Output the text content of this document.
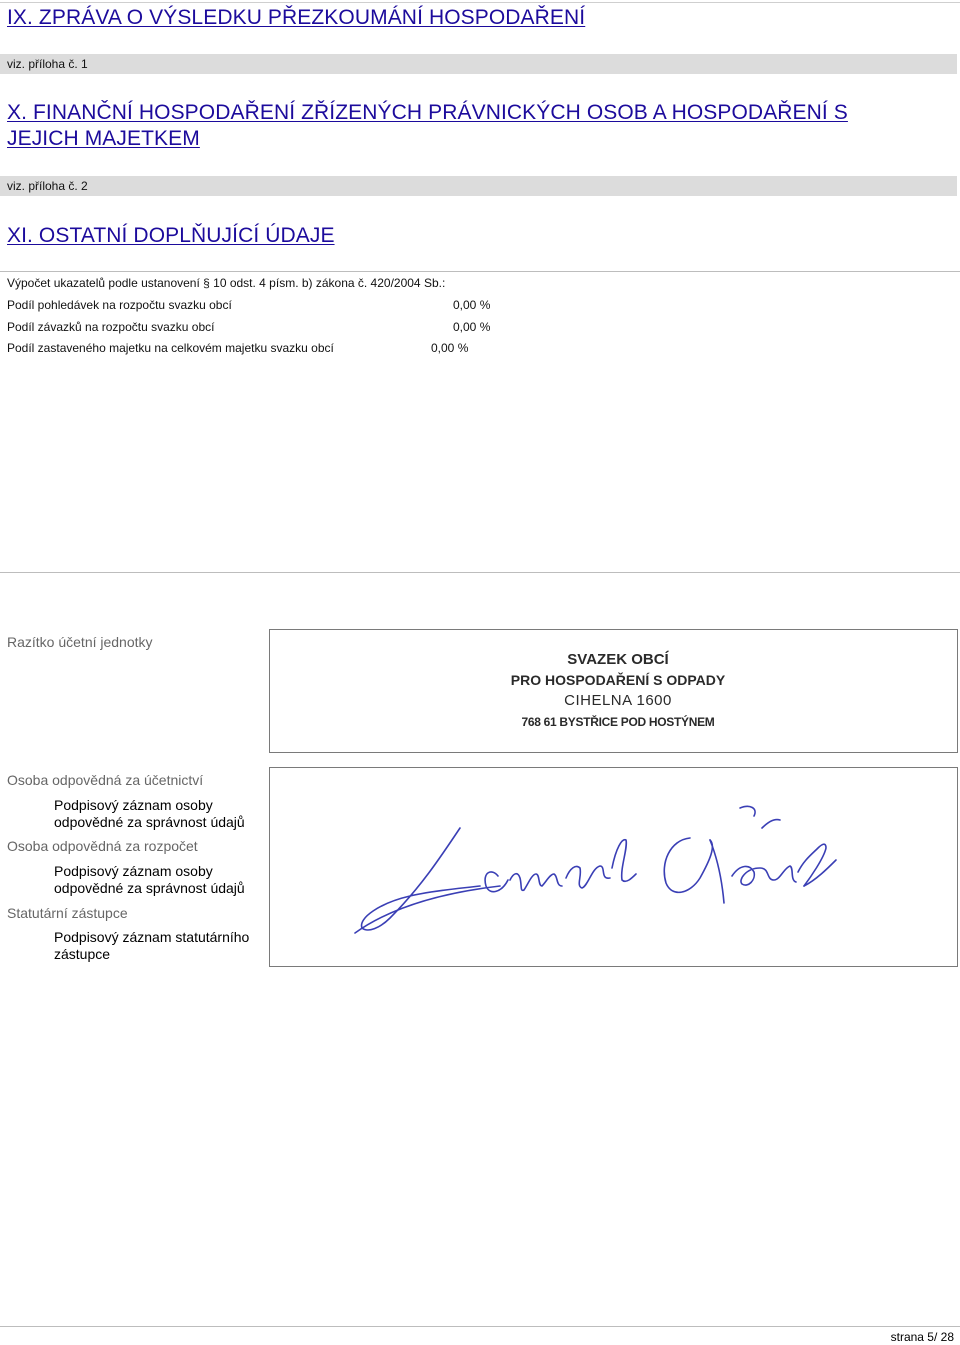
IX. ZPRÁVA O VÝSLEDKU PŘEZKOUMÁNÍ HOSPODAŘENÍ
viz. příloha č. 1
X. FINANČNÍ HOSPODAŘENÍ ZŘÍZENÝCH PRÁVNICKÝCH OSOB A HOSPODAŘENÍ S
JEJICH MAJETKEM
viz. příloha č. 2
XI. OSTATNÍ DOPLŇUJÍCÍ ÚDAJE
Výpočet ukazatelů podle ustanovení § 10 odst. 4 písm. b) zákona č. 420/2004 Sb.:
Podíl pohledávek na rozpočtu svazku obcí	0,00 %
Podíl závazků na rozpočtu svazku obcí	0,00 %
Podíl zastaveného majetku na celkovém majetku svazku obcí	0,00 %
Razítko účetní jednotky
SVAZEK OBCÍ
PRO HOSPODAŘENÍ S ODPADY
CIHELNA 1600
768 61 BYSTŘICE POD HOSTÝNEM
Osoba odpovědná za účetnictví
Podpisový záznam osoby
odpovědné za správnost údajů
Osoba odpovědná za rozpočet
Podpisový záznam osoby
odpovědné za správnost údajů
Statutární zástupce
Podpisový záznam statutárního
zástupce
strana 5/ 28
